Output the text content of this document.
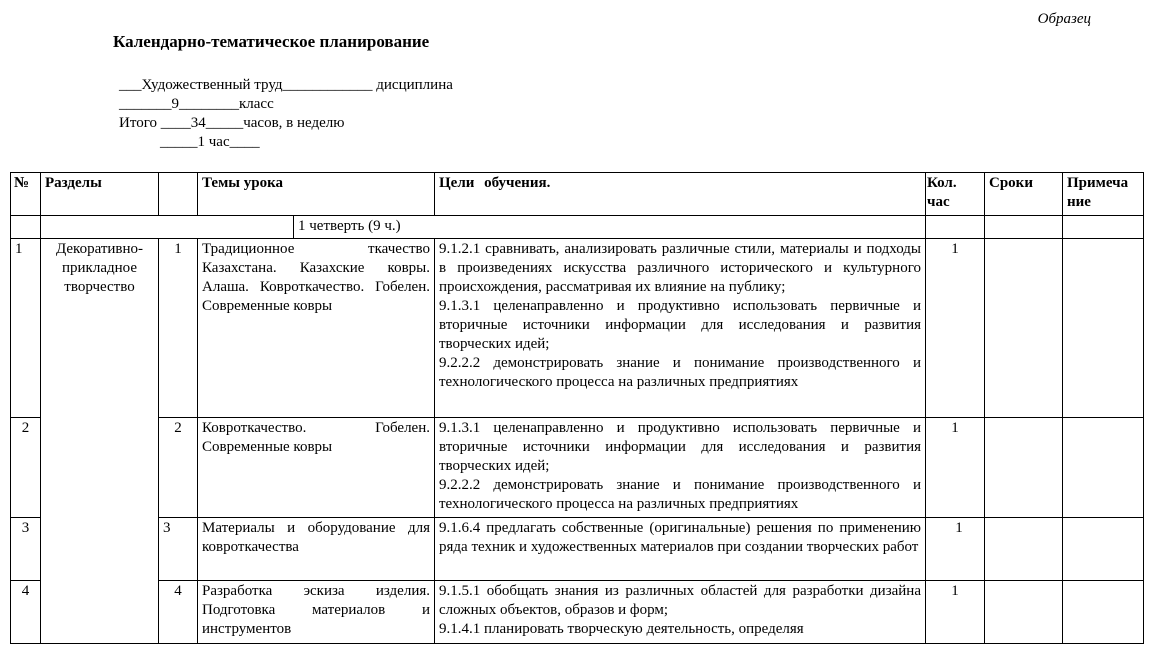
Образец
Календарно-тематическое планирование
___Художественный труд____________ дисциплина
_______9________класс
Итого ____34_____часов, в неделю
_____1 час____
№	Разделы		Темы урока		Цели обучения.	Кол. час	Сроки	Примеча ние
				1 четверть (9 ч.)				
1	Декоративно-прикладное творчество	1	Традиционное ткачество Казахстана. Казахские ковры. Алаша. Ковроткачество. Гобелен. Современные ковры		9.1.2.1 сравнивать, анализировать различные стили, материалы и подходы в произведениях искусства различного исторического и культурного происхождения, рассматривая их влияние на публику;
9.1.3.1 целенаправленно и продуктивно использовать первичные и вторичные источники информации для исследования и развития творческих идей;
9.2.2.2 демонстрировать знание и понимание производственного и технологического процесса на различных предприятиях	1		
2		2	Ковроткачество. Гобелен. Современные ковры		9.1.3.1 целенаправленно и продуктивно использовать первичные и вторичные источники информации для исследования и развития творческих идей;
9.2.2.2 демонстрировать знание и понимание производственного и технологического процесса на различных предприятиях	1		
3		3	Материалы и оборудование для ковроткачества		9.1.6.4 предлагать собственные (оригинальные) решения по применению ряда техник и художественных материалов при создании творческих работ	1		
4		4	Разработка эскиза изделия. Подготовка материалов и инструментов		9.1.5.1 обобщать знания из различных областей для разработки дизайна сложных объектов, образов и форм;
9.1.4.1 планировать творческую деятельность, определяя	1		
